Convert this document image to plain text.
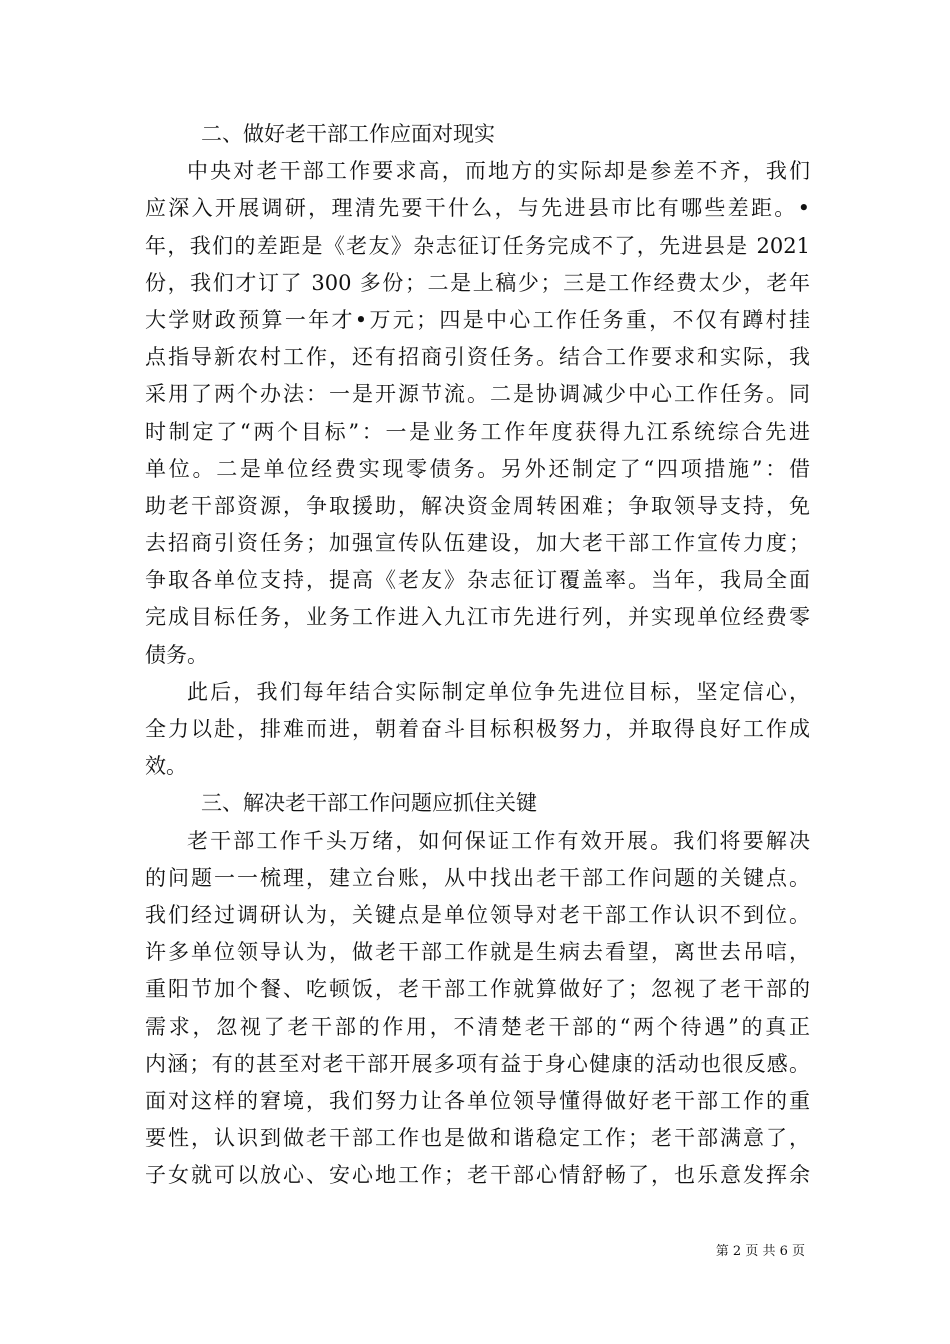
二、做好老干部工作应面对现实
中央对老干部工作要求高，而地方的实际却是参差不齐，我们
应深入开展调研，理清先要干什么，与先进县市比有哪些差距。•
年，我们的差距是《老友》杂志征订任务完成不了，先进县是 2021
份，我们才订了 300 多份；二是上稿少；三是工作经费太少，老年
大学财政预算一年才•万元；四是中心工作任务重，不仅有蹲村挂
点指导新农村工作，还有招商引资任务。结合工作要求和实际，我
采用了两个办法：一是开源节流。二是协调减少中心工作任务。同
时制定了“两个目标”：一是业务工作年度获得九江系统综合先进
单位。二是单位经费实现零债务。另外还制定了“四项措施”：借
助老干部资源，争取援助，解决资金周转困难；争取领导支持，免
去招商引资任务；加强宣传队伍建设，加大老干部工作宣传力度；
争取各单位支持，提高《老友》杂志征订覆盖率。当年，我局全面
完成目标任务，业务工作进入九江市先进行列，并实现单位经费零
债务。
此后，我们每年结合实际制定单位争先进位目标，坚定信心，
全力以赴，排难而进，朝着奋斗目标积极努力，并取得良好工作成
效。
三、解决老干部工作问题应抓住关键
老干部工作千头万绪，如何保证工作有效开展。我们将要解决
的问题一一梳理，建立台账，从中找出老干部工作问题的关键点。
我们经过调研认为，关键点是单位领导对老干部工作认识不到位。
许多单位领导认为，做老干部工作就是生病去看望，离世去吊唁，
重阳节加个餐、吃顿饭，老干部工作就算做好了；忽视了老干部的
需求，忽视了老干部的作用，不清楚老干部的“两个待遇”的真正
内涵；有的甚至对老干部开展多项有益于身心健康的活动也很反感。
面对这样的窘境，我们努力让各单位领导懂得做好老干部工作的重
要性，认识到做老干部工作也是做和谐稳定工作；老干部满意了，
子女就可以放心、安心地工作；老干部心情舒畅了，也乐意发挥余
第 2 页 共 6 页
